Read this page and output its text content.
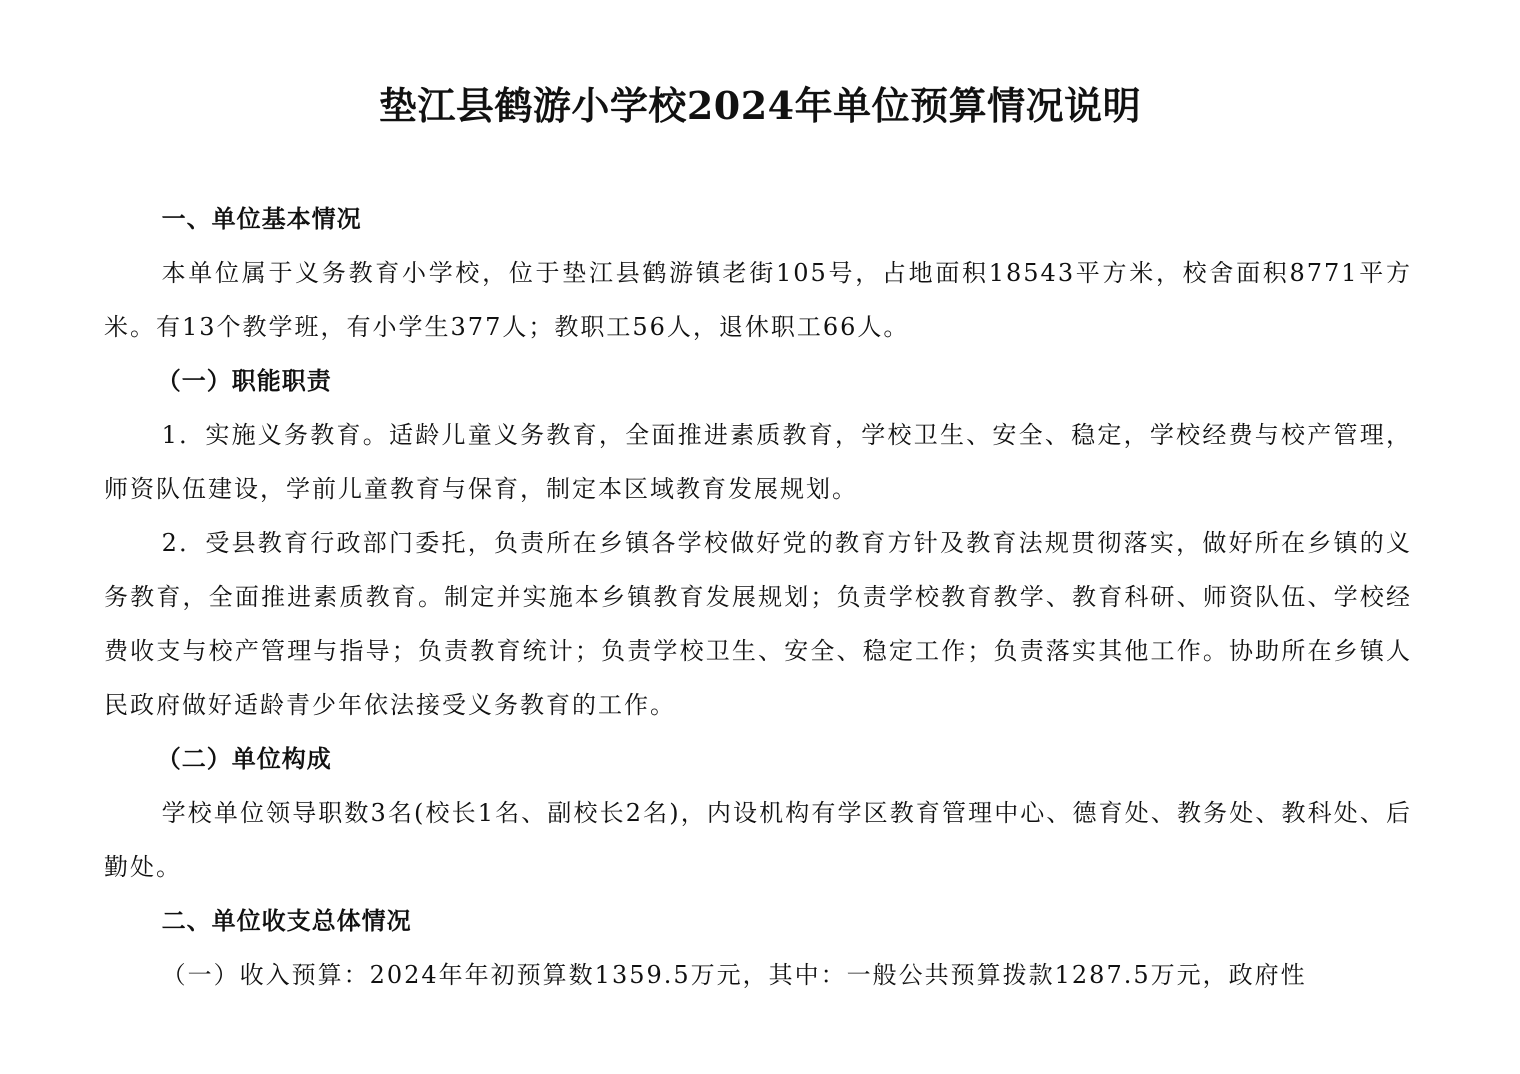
垫江县鹤游小学校2024年单位预算情况说明

一、单位基本情况

本单位属于义务教育小学校，位于垫江县鹤游镇老街105号，占地面积18543平方米，校舍面积8771平方米。有13个教学班，有小学生377人；教职工56人，退休职工66人。

（一）职能职责

1．实施义务教育。适龄儿童义务教育，全面推进素质教育，学校卫生、安全、稳定，学校经费与校产管理，师资队伍建设，学前儿童教育与保育，制定本区域教育发展规划。

2．受县教育行政部门委托，负责所在乡镇各学校做好党的教育方针及教育法规贯彻落实，做好所在乡镇的义务教育，全面推进素质教育。制定并实施本乡镇教育发展规划；负责学校教育教学、教育科研、师资队伍、学校经费收支与校产管理与指导；负责教育统计；负责学校卫生、安全、稳定工作；负责落实其他工作。协助所在乡镇人民政府做好适龄青少年依法接受义务教育的工作。

（二）单位构成

学校单位领导职数3名(校长1名、副校长2名)，内设机构有学区教育管理中心、德育处、教务处、教科处、后勤处。

二、单位收支总体情况

（一）收入预算：2024年年初预算数1359.5万元，其中：一般公共预算拨款1287.5万元，政府性
